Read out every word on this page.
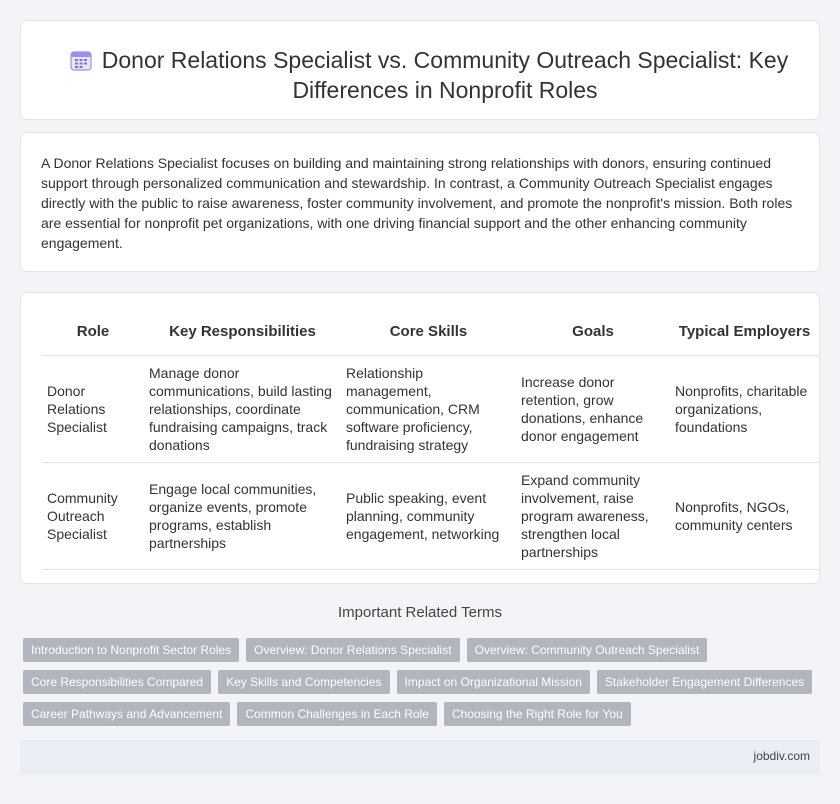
Donor Relations Specialist vs. Community Outreach Specialist: Key Differences in Nonprofit Roles

A Donor Relations Specialist focuses on building and maintaining strong relationships with donors, ensuring continued support through personalized communication and stewardship. In contrast, a Community Outreach Specialist engages directly with the public to raise awareness, foster community involvement, and promote the nonprofit's mission. Both roles are essential for nonprofit pet organizations, with one driving financial support and the other enhancing community engagement.

Role	Key Responsibilities	Core Skills	Goals	Typical Employers
Donor Relations Specialist	Manage donor communications, build lasting relationships, coordinate fundraising campaigns, track donations	Relationship management, communication, CRM software proficiency, fundraising strategy	Increase donor retention, grow donations, enhance donor engagement	Nonprofits, charitable organizations, foundations
Community Outreach Specialist	Engage local communities, organize events, promote programs, establish partnerships	Public speaking, event planning, community engagement, networking	Expand community involvement, raise program awareness, strengthen local partnerships	Nonprofits, NGOs, community centers
Important Related Terms
Introduction to Nonprofit Sector Roles	Overview: Donor Relations Specialist	Overview: Community Outreach Specialist
Core Responsibilities Compared	Key Skills and Competencies	Impact on Organizational Mission	Stakeholder Engagement Differences
Career Pathways and Advancement	Common Challenges in Each Role	Choosing the Right Role for You
jobdiv.com
